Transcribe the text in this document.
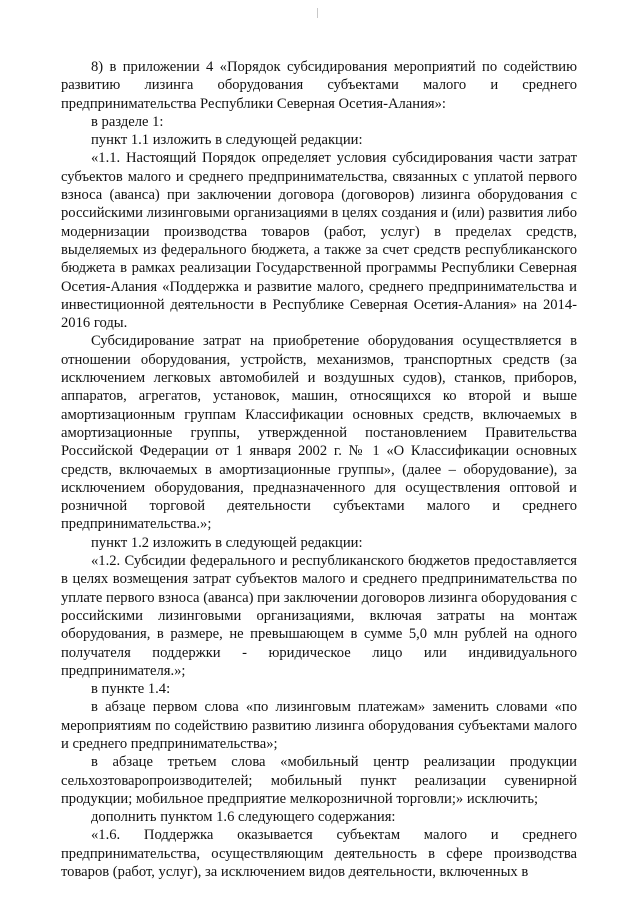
8) в приложении 4 «Порядок субсидирования мероприятий по содействию развитию лизинга оборудования субъектами малого и среднего предпринимательства Республики Северная Осетия-Алания»:

в разделе 1:

пункт 1.1 изложить в следующей редакции:

«1.1. Настоящий Порядок определяет условия субсидирования части затрат субъектов малого и среднего предпринимательства, связанных с уплатой первого взноса (аванса) при заключении договора (договоров) лизинга оборудования с российскими лизинговыми организациями в целях создания и (или) развития либо модернизации производства товаров (работ, услуг) в пределах средств, выделяемых из федерального бюджета, а также за счет средств республиканского бюджета в рамках реализации Государственной программы Республики Северная Осетия-Алания «Поддержка и развитие малого, среднего предпринимательства и инвестиционной деятельности в Республике Северная Осетия-Алания» на 2014-2016 годы.

Субсидирование затрат на приобретение оборудования осуществляется в отношении оборудования, устройств, механизмов, транспортных средств (за исключением легковых автомобилей и воздушных судов), станков, приборов, аппаратов, агрегатов, установок, машин, относящихся ко второй и выше амортизационным группам Классификации основных средств, включаемых в амортизационные группы, утвержденной постановлением Правительства Российской Федерации от 1 января 2002 г. № 1 «О Классификации основных средств, включаемых в амортизационные группы», (далее – оборудование), за исключением оборудования, предназначенного для осуществления оптовой и розничной торговой деятельности субъектами малого и среднего предпринимательства.»;

пункт 1.2 изложить в следующей редакции:

«1.2. Субсидии федерального и республиканского бюджетов предоставляется в целях возмещения затрат субъектов малого и среднего предпринимательства по уплате первого взноса (аванса) при заключении договоров лизинга оборудования с российскими лизинговыми организациями, включая затраты на монтаж оборудования, в размере, не превышающем в сумме 5,0 млн рублей на одного получателя поддержки - юридическое лицо или индивидуального предпринимателя.»;

в пункте 1.4:

в абзаце первом слова «по лизинговым платежам» заменить словами «по мероприятиям по содействию развитию лизинга оборудования субъектами малого и среднего предпринимательства»;

в абзаце третьем слова «мобильный центр реализации продукции сельхозтоваропроизводителей; мобильный пункт реализации сувенирной продукции; мобильное предприятие мелкорозничной торговли;» исключить;

дополнить пунктом 1.6 следующего содержания:

«1.6. Поддержка оказывается субъектам малого и среднего предпринимательства, осуществляющим деятельность в сфере производства товаров (работ, услуг), за исключением видов деятельности, включенных в
